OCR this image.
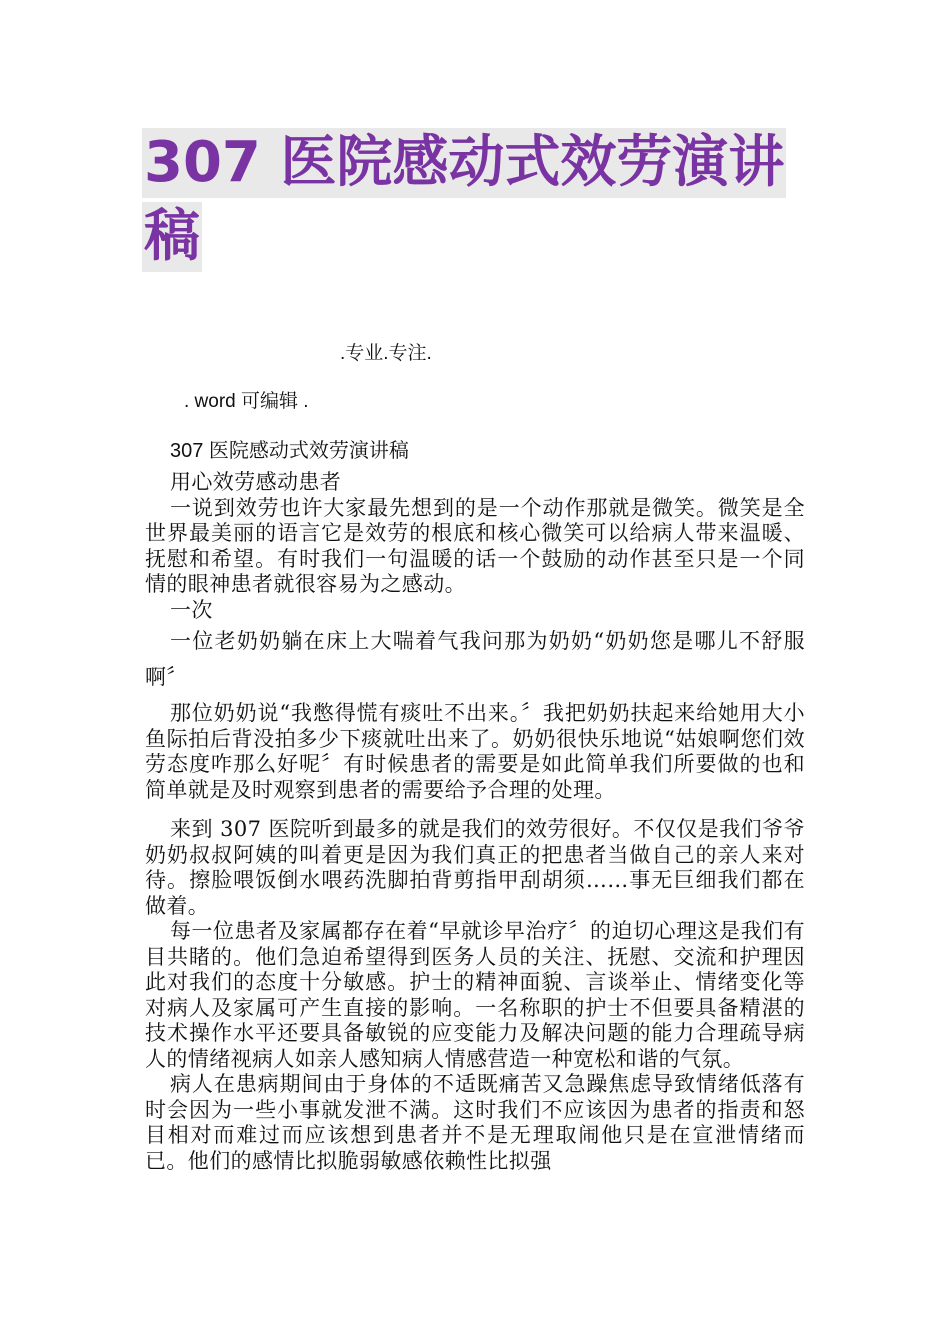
307 医院感动式效劳演讲
稿
.专业.专注.
. word 可编辑 .
307 医院感动式效劳演讲稿

用心效劳感动患者

一说到效劳也许大家最先想到的是一个动作那就是微笑。微笑是全世界最美丽的语言它是效劳的根底和核心微笑可以给病人带来温暖、抚慰和希望。有时我们一句温暖的话一个鼓励的动作甚至只是一个同情的眼神患者就很容易为之感动。

一次

一位老奶奶躺在床上大喘着气我问那为奶奶“奶奶您是哪儿不舒服啊〞

那位奶奶说“我憋得慌有痰吐不出来。〞我把奶奶扶起来给她用大小鱼际拍后背没拍多少下痰就吐出来了。奶奶很快乐地说“姑娘啊您们效劳态度咋那么好呢〞有时候患者的需要是如此简单我们所要做的也和简单就是及时观察到患者的需要给予合理的处理。

来到 307 医院听到最多的就是我们的效劳很好。不仅仅是我们爷爷奶奶叔叔阿姨的叫着更是因为我们真正的把患者当做自己的亲人来对待。擦脸喂饭倒水喂药洗脚拍背剪指甲刮胡须……事无巨细我们都在做着。

每一位患者及家属都存在着“早就诊早治疗〞的迫切心理这是我们有目共睹的。他们急迫希望得到医务人员的关注、抚慰、交流和护理因此对我们的态度十分敏感。护士的精神面貌、言谈举止、情绪变化等对病人及家属可产生直接的影响。一名称职的护士不但要具备精湛的技术操作水平还要具备敏锐的应变能力及解决问题的能力合理疏导病人的情绪视病人如亲人感知病人情感营造一种宽松和谐的气氛。

病人在患病期间由于身体的不适既痛苦又急躁焦虑导致情绪低落有时会因为一些小事就发泄不满。这时我们不应该因为患者的指责和怒目相对而难过而应该想到患者并不是无理取闹他只是在宣泄情绪而已。他们的感情比拟脆弱敏感依赖性比拟强
